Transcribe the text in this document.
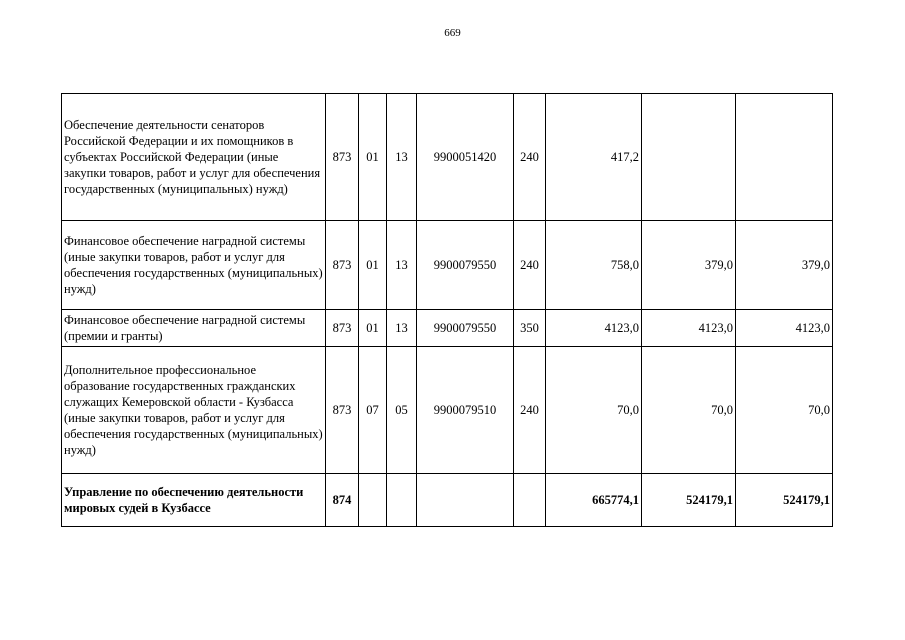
669
Обеспечение деятельности сенаторов Российской Федерации и их помощников в субъектах Российской Федерации (иные закупки товаров, работ и услуг для обеспечения государственных (муниципальных) нужд)	873	01	13	9900051420	240	417,2		
Финансовое обеспечение наградной системы (иные закупки товаров, работ и услуг для обеспечения государственных (муниципальных) нужд)	873	01	13	9900079550	240	758,0	379,0	379,0
Финансовое обеспечение наградной системы (премии и гранты)	873	01	13	9900079550	350	4123,0	4123,0	4123,0
Дополнительное профессиональное образование государственных гражданских служащих Кемеровской области - Кузбасса (иные закупки товаров, работ и услуг для обеспечения государственных (муниципальных) нужд)	873	07	05	9900079510	240	70,0	70,0	70,0
Управление по обеспечению деятельности мировых судей в Кузбассе	874					665774,1	524179,1	524179,1
